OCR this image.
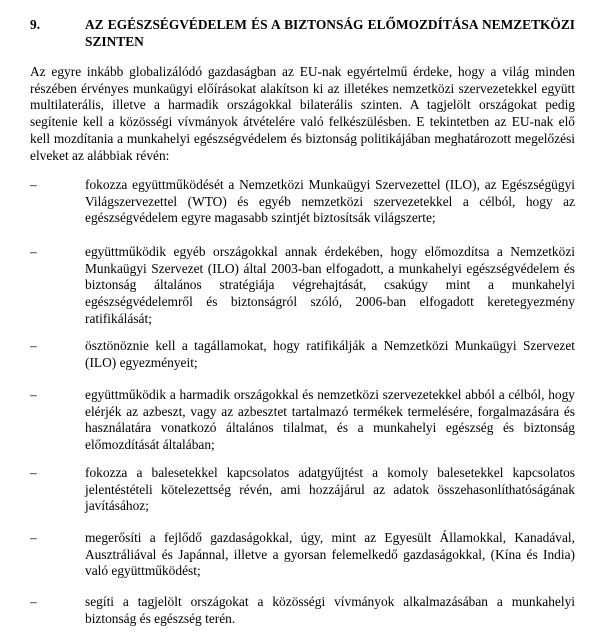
9.	AZ EGÉSZSÉGVÉDELEM ÉS A BIZTONSÁG ELŐMOZDÍTÁSA NEMZETKÖZI SZINTEN

Az egyre inkább globalizálódó gazdaságban az EU-nak egyértelmű érdeke, hogy a világ minden részében érvényes munkaügyi előírásokat alakítson ki az illetékes nemzetközi szervezetekkel együtt multilaterális, illetve a harmadik országokkal bilaterális szinten. A tagjelölt országokat pedig segítenie kell a közösségi vívmányok átvételére való felkészülésben. E tekintetben az EU-nak elő kell mozdítania a munkahelyi egészségvédelem és biztonság politikájában meghatározott megelőzési elveket az alábbiak révén:

–	fokozza együttműködését a Nemzetközi Munkaügyi Szervezettel (ILO), az Egészségügyi Világszervezettel (WTO) és egyéb nemzetközi szervezetekkel a célból, hogy az egészségvédelem egyre magasabb szintjét biztosítsák világszerte;
–	együttműködik egyéb országokkal annak érdekében, hogy előmozdítsa a Nemzetközi Munkaügyi Szervezet (ILO) által 2003-ban elfogadott, a munkahelyi egészségvédelem és biztonság általános stratégiája végrehajtását, csakúgy mint a munkahelyi egészségvédelemről és biztonságról szóló, 2006-ban elfogadott keretegyezmény ratifikálását;
–	ösztönöznie kell a tagállamokat, hogy ratifikálják a Nemzetközi Munkaügyi Szervezet (ILO) egyezményeit;
–	együttműködik a harmadik országokkal és nemzetközi szervezetekkel abból a célból, hogy elérjék az azbeszt, vagy az azbesztet tartalmazó termékek termelésére, forgalmazására és használatára vonatkozó általános tilalmat, és a munkahelyi egészség és biztonság előmozdítását általában;
–	fokozza a balesetekkel kapcsolatos adatgyűjtést a komoly balesetekkel kapcsolatos jelentéstételi kötelezettség révén, ami hozzájárul az adatok összehasonlíthatóságának javításához;
–	megerősíti a fejlődő gazdaságokkal, úgy, mint az Egyesült Államokkal, Kanadával, Ausztráliával és Japánnal, illetve a gyorsan felemelkedő gazdaságokkal, (Kína és India) való együttműködést;
–	segíti a tagjelölt országokat a közösségi vívmányok alkalmazásában a munkahelyi biztonság és egészség terén.
